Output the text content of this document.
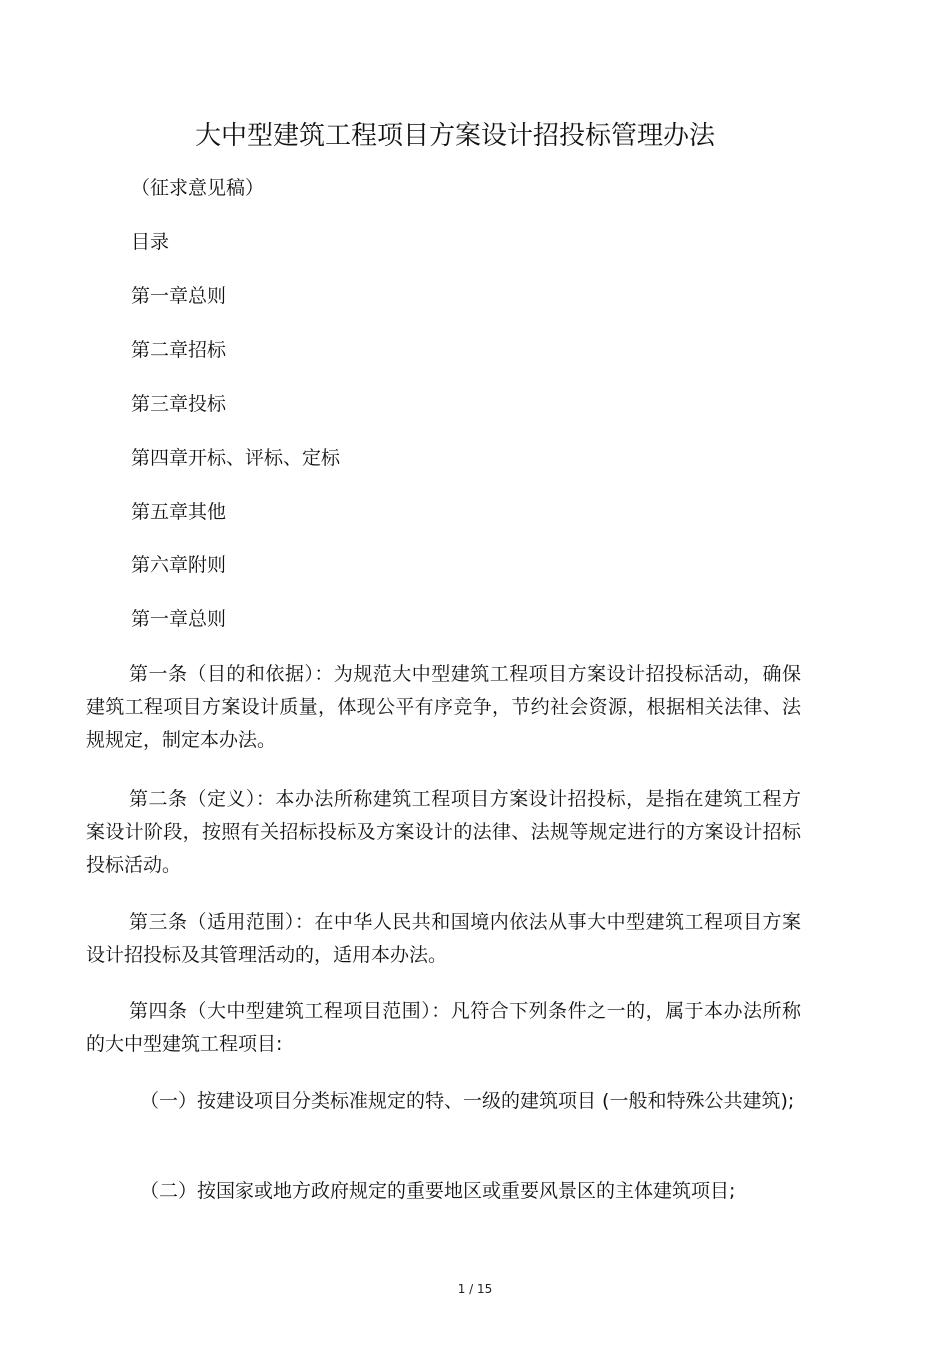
大中型建筑工程项目方案设计招投标管理办法

（征求意见稿）

目录

第一章总则

第二章招标

第三章投标

第四章开标、评标、定标

第五章其他

第六章附则

第一章总则

第一条（目的和依据）：为规范大中型建筑工程项目方案设计招投标活动，确保建筑工程项目方案设计质量，体现公平有序竞争，节约社会资源，根据相关法律、法规规定，制定本办法。

第二条（定义）：本办法所称建筑工程项目方案设计招投标，是指在建筑工程方案设计阶段，按照有关招标投标及方案设计的法律、法规等规定进行的方案设计招标投标活动。

第三条（适用范围）：在中华人民共和国境内依法从事大中型建筑工程项目方案设计招投标及其管理活动的，适用本办法。

第四条（大中型建筑工程项目范围）：凡符合下列条件之一的，属于本办法所称的大中型建筑工程项目:

（一）按建设项目分类标准规定的特、一级的建筑项目 (一般和特殊公共建筑);

（二）按国家或地方政府规定的重要地区或重要风景区的主体建筑项目;

1 / 15
